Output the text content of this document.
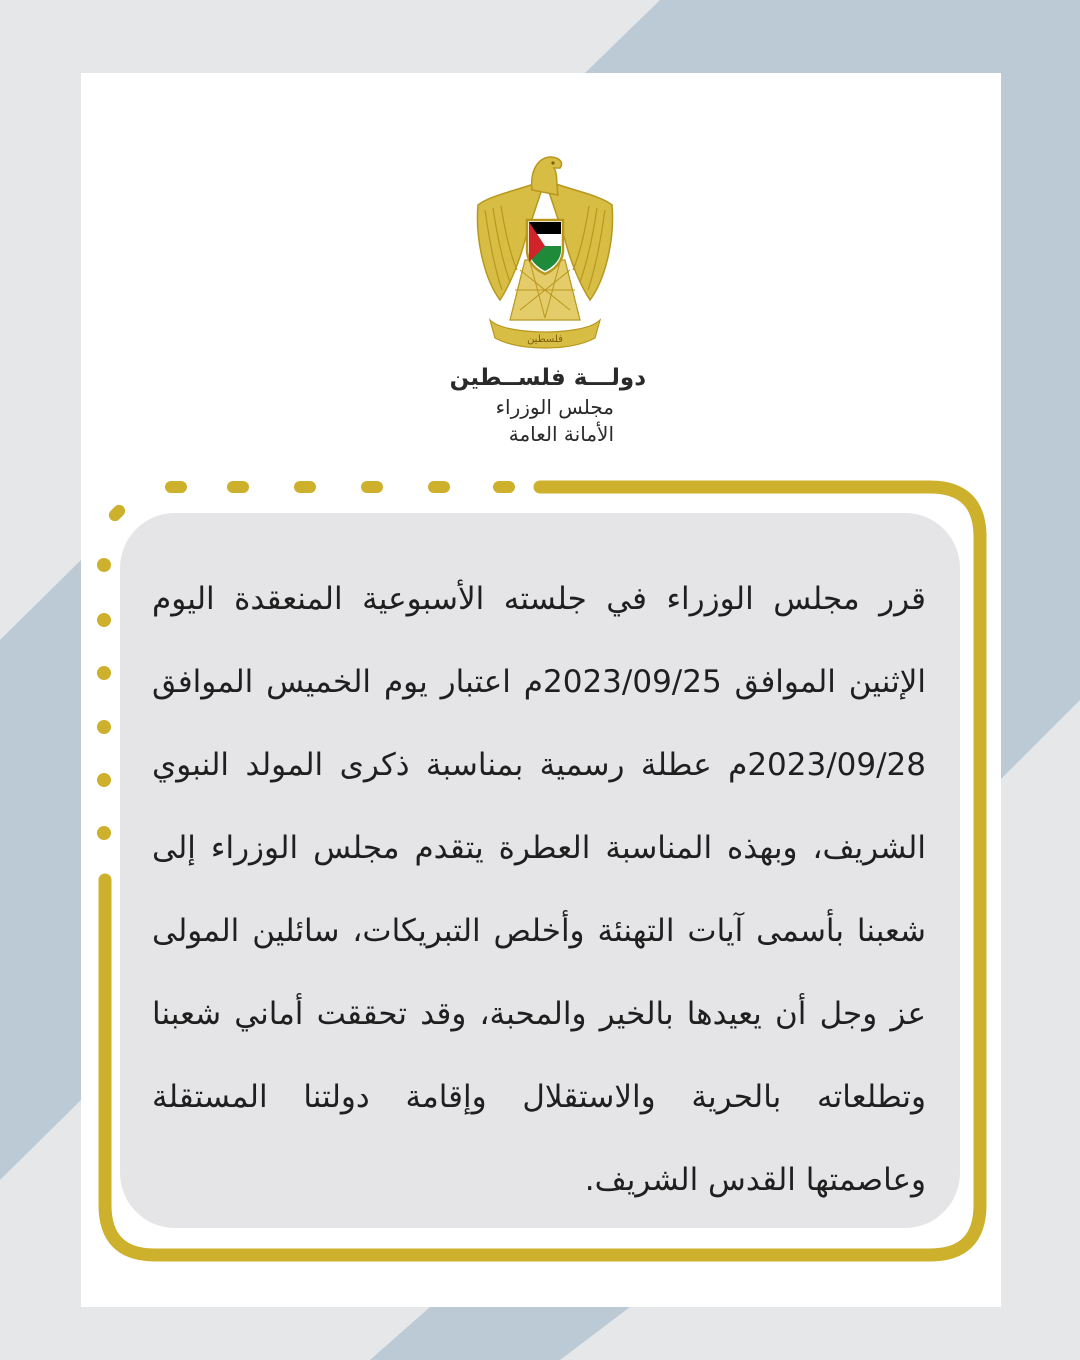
فلسطين
دولـــة فلســطين
مجلس الوزراء
الأمانة العامة
قرر مجلس الوزراء في جلسته الأسبوعية المنعقدة اليوم الإثنين الموافق 2023/09/25م اعتبار يوم الخميس الموافق 2023/09/28م عطلة رسمية بمناسبة ذكرى المولد النبوي الشريف، وبهذه المناسبة العطرة يتقدم مجلس الوزراء إلى شعبنا بأسمى آيات التهنئة وأخلص التبريكات، سائلين المولى عز وجل أن يعيدها بالخير والمحبة، وقد تحققت أماني شعبنا وتطلعاته بالحرية والاستقلال وإقامة دولتنا المستقلة وعاصمتها القدس الشريف.
